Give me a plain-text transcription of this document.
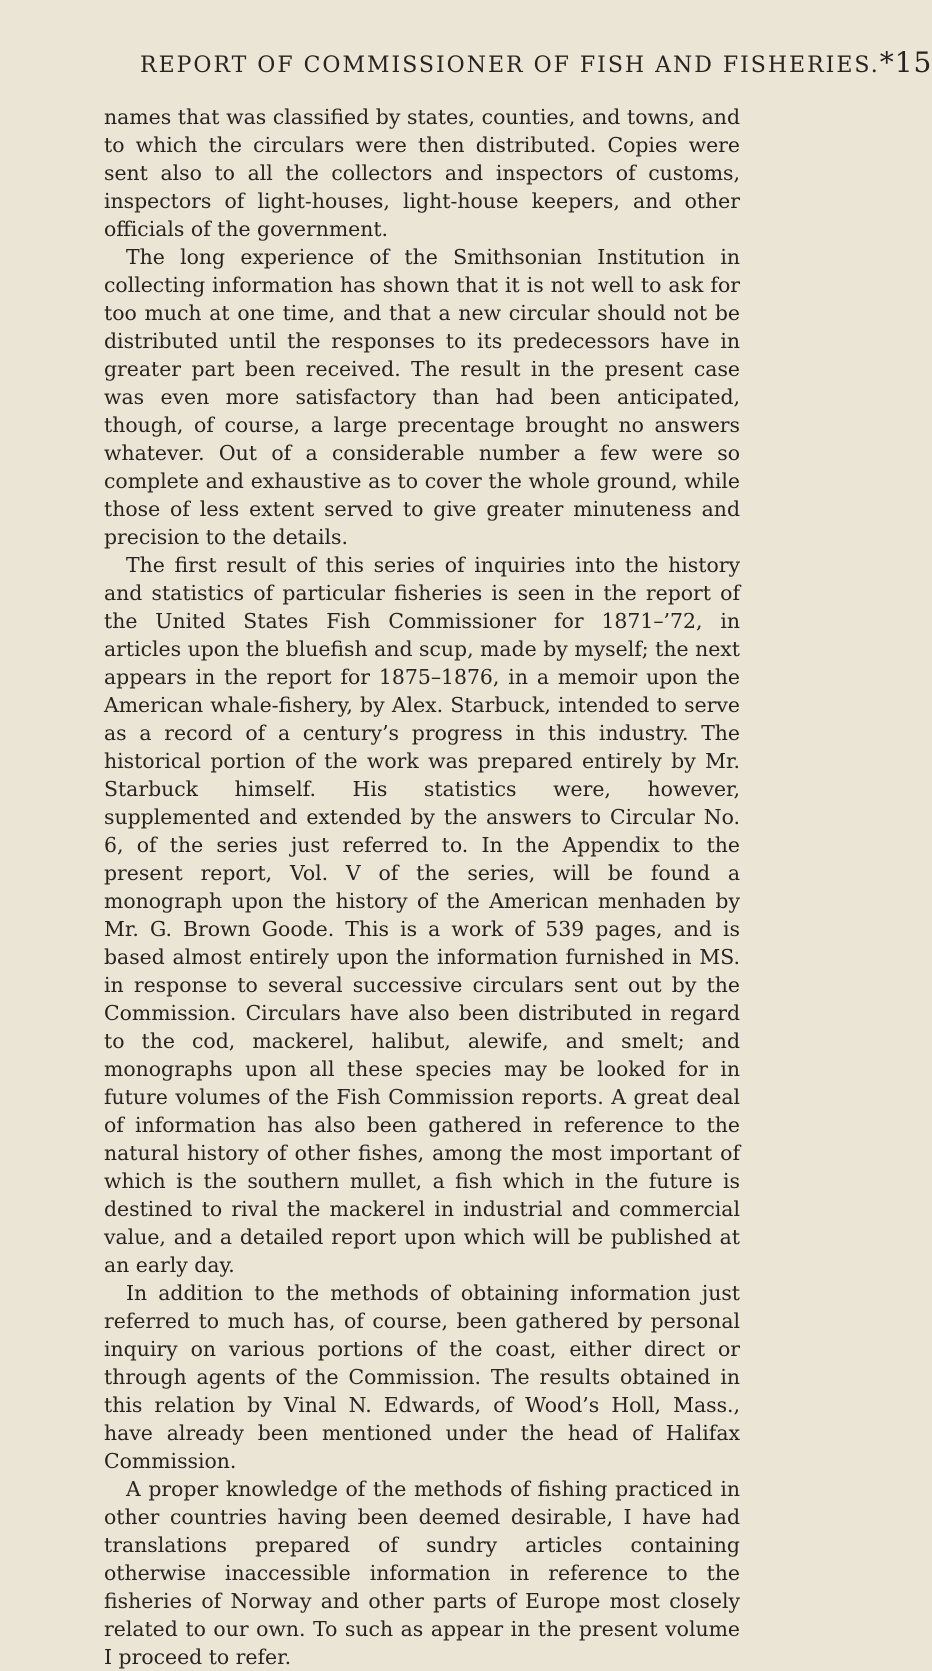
REPORT OF COMMISSIONER OF FISH AND FISHERIES. *15

names that was classified by states, counties, and towns, and to which the circulars were then distributed. Copies were sent also to all the collectors and inspectors of customs, inspectors of light-houses, light-house keepers, and other officials of the government.

The long experience of the Smithsonian Institution in collecting information has shown that it is not well to ask for too much at one time, and that a new circular should not be distributed until the responses to its predecessors have in greater part been received. The result in the present case was even more satisfactory than had been anticipated, though, of course, a large precentage brought no answers whatever. Out of a considerable number a few were so complete and exhaustive as to cover the whole ground, while those of less extent served to give greater minuteness and precision to the details.

The first result of this series of inquiries into the history and statistics of particular fisheries is seen in the report of the United States Fish Commissioner for 1871–’72, in articles upon the bluefish and scup, made by myself; the next appears in the report for 1875–1876, in a memoir upon the American whale-fishery, by Alex. Starbuck, intended to serve as a record of a century’s progress in this industry. The historical portion of the work was prepared entirely by Mr. Starbuck himself. His statistics were, however, supplemented and extended by the answers to Circular No. 6, of the series just referred to. In the Appendix to the present report, Vol. V of the series, will be found a monograph upon the history of the American menhaden by Mr. G. Brown Goode. This is a work of 539 pages, and is based almost entirely upon the information furnished in MS. in response to several successive circulars sent out by the Commission. Circulars have also been distributed in regard to the cod, mackerel, halibut, alewife, and smelt; and monographs upon all these species may be looked for in future volumes of the Fish Commission reports. A great deal of information has also been gathered in reference to the natural history of other fishes, among the most important of which is the southern mullet, a fish which in the future is destined to rival the mackerel in industrial and commercial value, and a detailed report upon which will be published at an early day.

In addition to the methods of obtaining information just referred to much has, of course, been gathered by personal inquiry on various portions of the coast, either direct or through agents of the Commission. The results obtained in this relation by Vinal N. Edwards, of Wood’s Holl, Mass., have already been mentioned under the head of Halifax Commission.

A proper knowledge of the methods of fishing practiced in other countries having been deemed desirable, I have had translations prepared of sundry articles containing otherwise inaccessible information in reference to the fisheries of Norway and other parts of Europe most closely related to our own. To such as appear in the present volume I proceed to refer.
